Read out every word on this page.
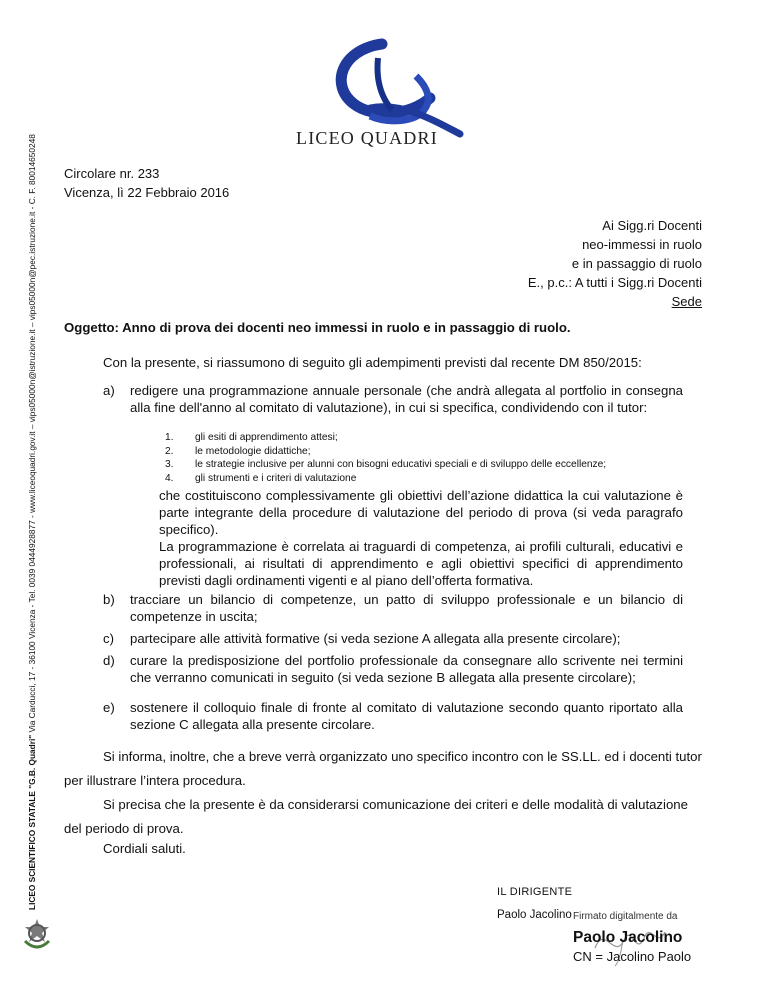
LICEO SCIENTIFICO STATALE "G.B. Quadri" Via Carducci, 17 - 36100 Vicenza - Tel. 0039 0444928877 - www.liceoquadri.gov.it – vips05000n@istruzione.it – vips05000n@pec.istruzione.it - C. F. 80014650248	LICEO QUADRI
Circolare nr. 233
Vicenza, lì 22 Febbraio 2016
Ai Sigg.ri Docenti
neo-immessi in ruolo
e in passaggio di ruolo
E., p.c.: A tutti i Sigg.ri Docenti
Sede
Oggetto: Anno di prova dei docenti neo immessi in ruolo e in passaggio di ruolo.
Con la presente, si riassumono di seguito gli adempimenti previsti dal recente DM 850/2015:
a) redigere una programmazione annuale personale (che andrà allegata al portfolio in consegna alla fine dell'anno al comitato di valutazione), in cui si specifica, condividendo con il tutor:
1. gli esiti di apprendimento attesi;
2. le metodologie didattiche;
3. le strategie inclusive per alunni con bisogni educativi speciali e di sviluppo delle eccellenze;
4. gli strumenti e i criteri di valutazione
che costituiscono complessivamente gli obiettivi dell’azione didattica la cui valutazione è parte integrante della procedure di valutazione del periodo di prova (si veda paragrafo specifico).
La programmazione è correlata ai traguardi di competenza, ai profili culturali, educativi e professionali, ai risultati di apprendimento e agli obiettivi specifici di apprendimento previsti dagli ordinamenti vigenti e al piano dell’offerta formativa.
b) tracciare un bilancio di competenze, un patto di sviluppo professionale e un bilancio di competenze in uscita;
c) partecipare alle attività formative (si veda sezione A allegata alla presente circolare);
d) curare la predisposizione del portfolio professionale da consegnare allo scrivente nei termini che verranno comunicati in seguito (si veda sezione B allegata alla presente circolare);
e) sostenere il colloquio finale di fronte al comitato di valutazione secondo quanto riportato alla sezione C allegata alla presente circolare.
Si informa, inoltre, che a breve verrà organizzato uno specifico incontro con le SS.LL. ed i docenti tutor per illustrare l’intera procedura.
Si precisa che la presente è da considerarsi comunicazione dei criteri e delle modalità di valutazione del periodo di prova.
Cordiali saluti.
IL DIRIGENTE
Paolo Jacolino Firmato digitalmente da
Paolo Jacolino
CN = Jacolino Paolo
